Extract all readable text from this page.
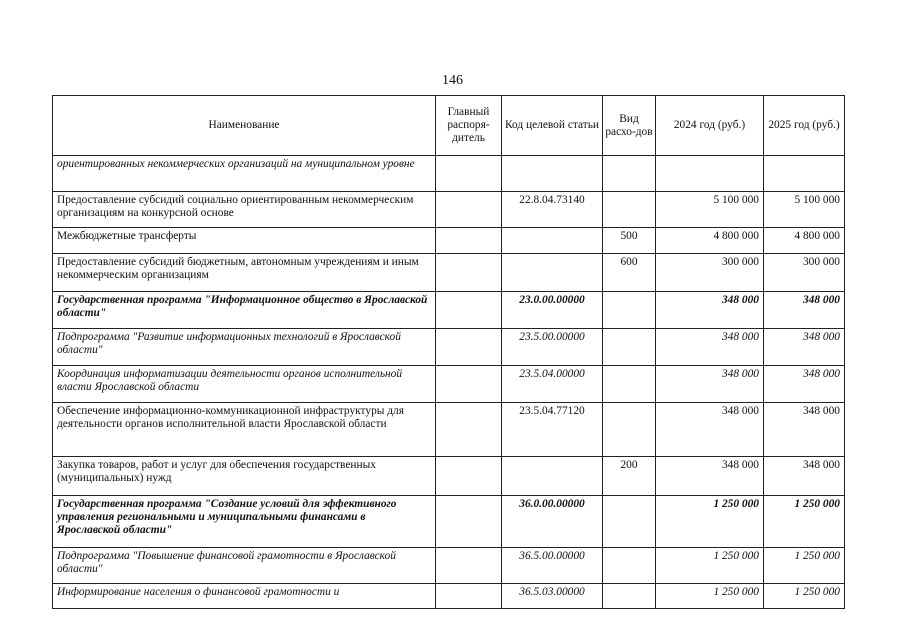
146
Наименование	Главный распоря-дитель	Код целевой статьи	Вид расхо-дов	2024 год (руб.)	2025 год (руб.)
ориентированных некоммерческих организаций на муниципальном уровне					
Предоставление субсидий социально ориентированным некоммерческим организациям на конкурсной основе		22.8.04.73140		5 100 000	5 100 000
Межбюджетные трансферты			500	4 800 000	4 800 000
Предоставление субсидий бюджетным, автономным учреждениям и иным некоммерческим организациям			600	300 000	300 000
Государственная программа "Информационное общество в Ярославской области"		23.0.00.00000		348 000	348 000
Подпрограмма "Развитие информационных технологий в Ярославской области"		23.5.00.00000		348 000	348 000
Координация информатизации деятельности органов исполнительной власти Ярославской области		23.5.04.00000		348 000	348 000
Обеспечение информационно-коммуникационной инфраструктуры для деятельности органов исполнительной власти Ярославской области		23.5.04.77120		348 000	348 000
Закупка товаров, работ и услуг для обеспечения государственных (муниципальных) нужд			200	348 000	348 000
Государственная программа "Создание условий для эффективного управления региональными и муниципальными финансами в Ярославской области"		36.0.00.00000		1 250 000	1 250 000
Подпрограмма "Повышение финансовой грамотности в Ярославской области"		36.5.00.00000		1 250 000	1 250 000
Информирование населения о финансовой грамотности и		36.5.03.00000		1 250 000	1 250 000
